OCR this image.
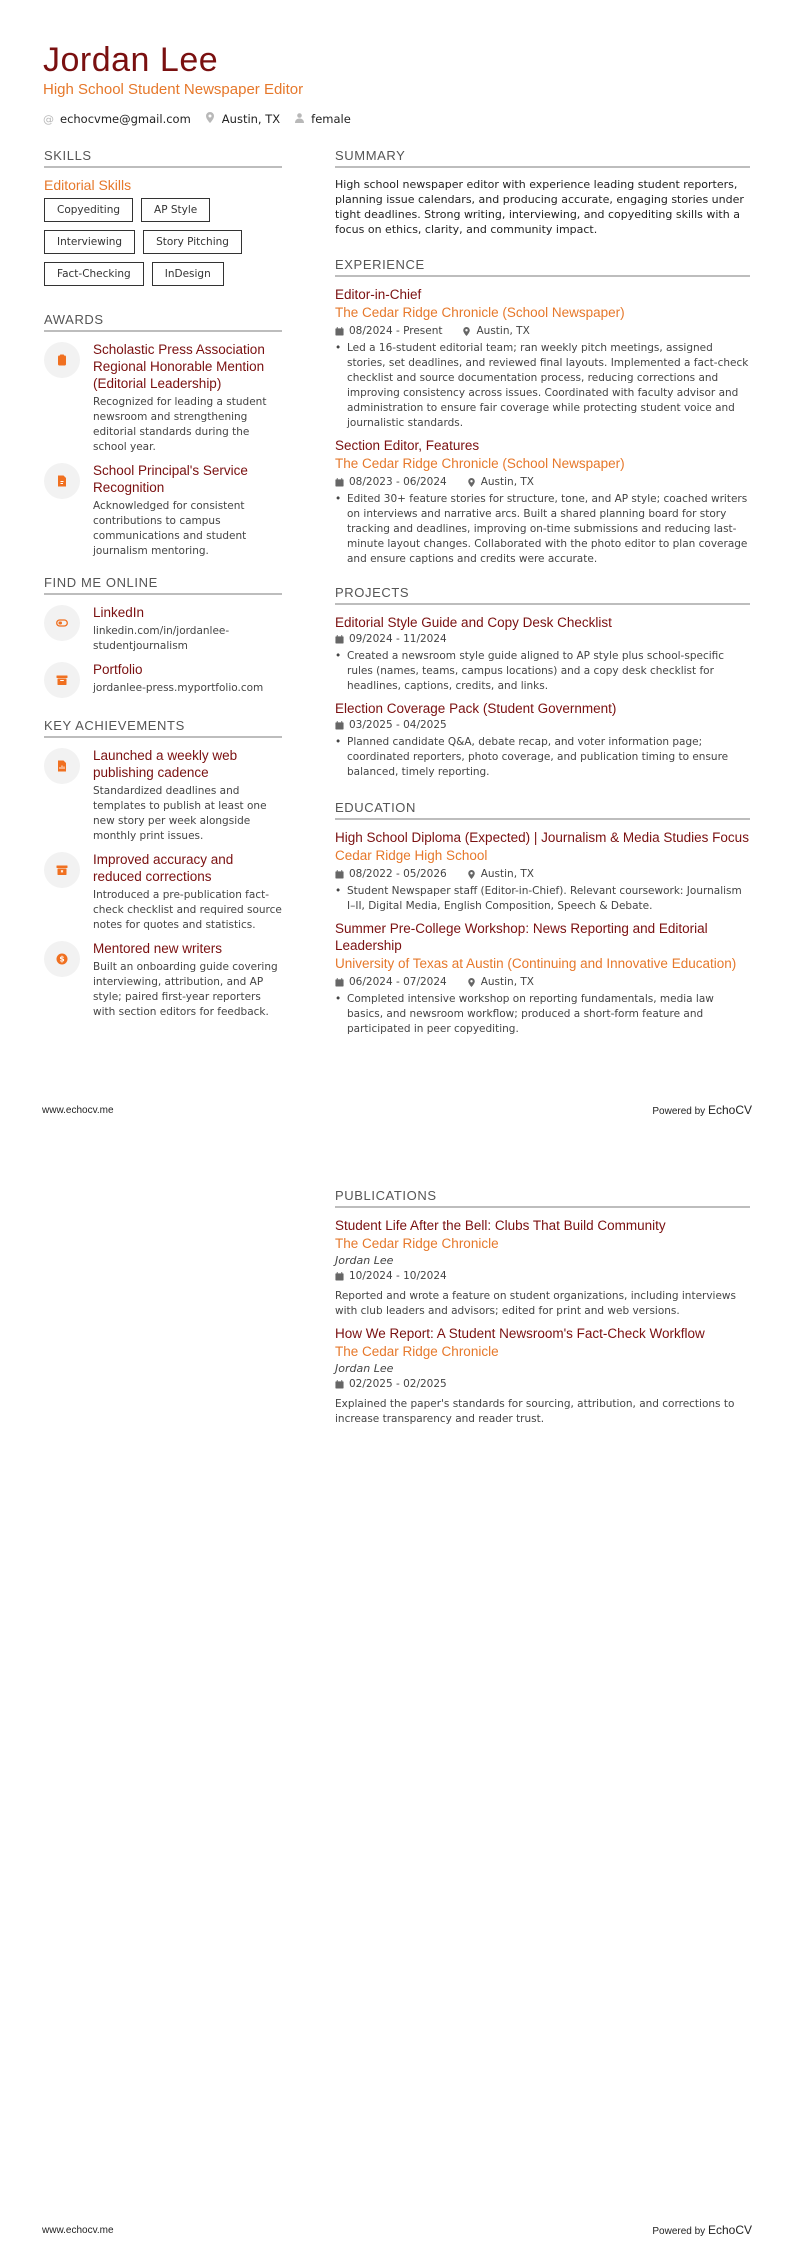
Jordan Lee
High School Student Newspaper Editor
@ echocvme@gmail.com	Austin, TX	female
SKILLS
Editorial Skills
Copyediting	AP Style
Interviewing	Story Pitching
Fact-Checking	InDesign
AWARDS
Scholastic Press Association Regional Honorable Mention (Editorial Leadership)
Recognized for leading a student newsroom and strengthening editorial standards during the school year.
School Principal's Service Recognition
Acknowledged for consistent contributions to campus communications and student journalism mentoring.
FIND ME ONLINE
LinkedIn
linkedin.com/in/jordanlee-studentjournalism
Portfolio
jordanlee-press.myportfolio.com
KEY ACHIEVEMENTS
Launched a weekly web publishing cadence
Standardized deadlines and templates to publish at least one new story per week alongside monthly print issues.
Improved accuracy and reduced corrections
Introduced a pre-publication fact-check checklist and required source notes for quotes and statistics.
$
Mentored new writers
Built an onboarding guide covering interviewing, attribution, and AP style; paired first-year reporters with section editors for feedback.
SUMMARY
High school newspaper editor with experience leading student reporters, planning issue calendars, and producing accurate, engaging stories under tight deadlines. Strong writing, interviewing, and copyediting skills with a focus on ethics, clarity, and community impact.
EXPERIENCE
Editor-in-Chief
The Cedar Ridge Chronicle (School Newspaper)
08/2024 - Present	Austin, TX
• Led a 16-student editorial team; ran weekly pitch meetings, assigned stories, set deadlines, and reviewed final layouts. Implemented a fact-check checklist and source documentation process, reducing corrections and improving consistency across issues. Coordinated with faculty advisor and administration to ensure fair coverage while protecting student voice and journalistic standards.
Section Editor, Features
The Cedar Ridge Chronicle (School Newspaper)
08/2023 - 06/2024	Austin, TX
• Edited 30+ feature stories for structure, tone, and AP style; coached writers on interviews and narrative arcs. Built a shared planning board for story tracking and deadlines, improving on-time submissions and reducing last-minute layout changes. Collaborated with the photo editor to plan coverage and ensure captions and credits were accurate.
PROJECTS
Editorial Style Guide and Copy Desk Checklist
09/2024 - 11/2024
• Created a newsroom style guide aligned to AP style plus school-specific rules (names, teams, campus locations) and a copy desk checklist for headlines, captions, credits, and links.
Election Coverage Pack (Student Government)
03/2025 - 04/2025
• Planned candidate Q&A, debate recap, and voter information page; coordinated reporters, photo coverage, and publication timing to ensure balanced, timely reporting.
EDUCATION
High School Diploma (Expected) | Journalism & Media Studies Focus
Cedar Ridge High School
08/2022 - 05/2026	Austin, TX
• Student Newspaper staff (Editor-in-Chief). Relevant coursework: Journalism I–II, Digital Media, English Composition, Speech & Debate.
Summer Pre-College Workshop: News Reporting and Editorial Leadership
University of Texas at Austin (Continuing and Innovative Education)
06/2024 - 07/2024	Austin, TX
• Completed intensive workshop on reporting fundamentals, media law basics, and newsroom workflow; produced a short-form feature and participated in peer copyediting.
www.echocv.me	Powered by EchoCV
PUBLICATIONS
Student Life After the Bell: Clubs That Build Community
The Cedar Ridge Chronicle
Jordan Lee
10/2024 - 10/2024
Reported and wrote a feature on student organizations, including interviews with club leaders and advisors; edited for print and web versions.
How We Report: A Student Newsroom's Fact-Check Workflow
The Cedar Ridge Chronicle
Jordan Lee
02/2025 - 02/2025
Explained the paper's standards for sourcing, attribution, and corrections to increase transparency and reader trust.
www.echocv.me	Powered by EchoCV
